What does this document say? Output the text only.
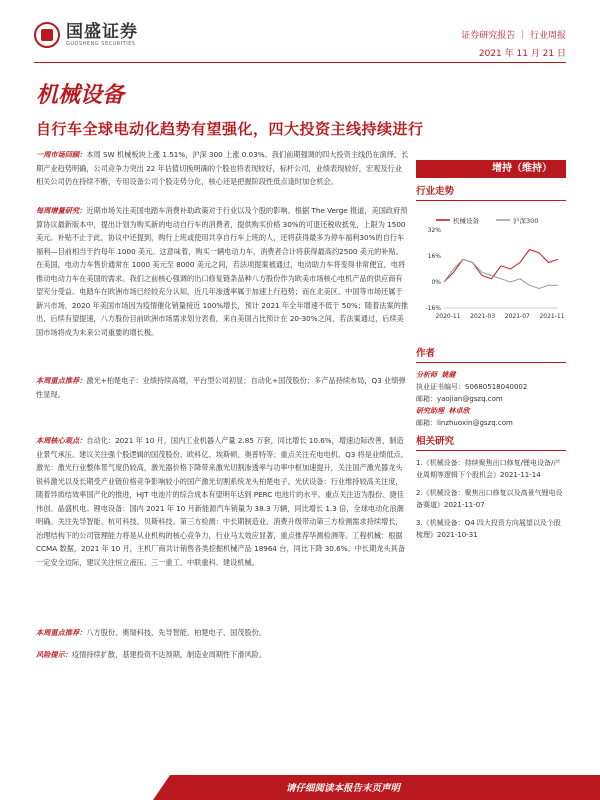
国盛证券
GUOSHENG SECURITIES
证券研究报告 ｜ 行业周报
2021 年 11 月 21 日
机械设备
自行车全球电动化趋势有望强化，四大投资主线持续进行

一周市场回顾：本周 SW 机械板块上涨 1.51%，沪深 300 上涨 0.03%。我们前期强调的四大投资主线仍在演绎，长期产业趋势明确，公司竞争力突出 22 年估值切换明确的个股也将表现较好，标杆公司，业绩表现较好，宏观及行业相关公司仍在持续不断，专用设备公司个股走势分化，核心还是把握阶段性低点逢时加仓机会。

每周增量研究：近期市场关注美国电踏车消费补助政策对于行业以及个股的影响。根据 The Verge 报道，美国政府预算协议最新版本中，提出计划为购买新的电动自行车的消费者，提供购买价格 30%的可退还税收抵免，上限为 1500 美元。补贴不止于此，协议中还提到，购行上班或使用共享自行车上班的人，还将获得最多为停车福利30%的自行车福利—目前相当于约每年 1000 美元。这意味着，购买一辆电动力车，消费者合计将获得最高约2500 美元的补贴。在美国，电动力车售价通常在 1000 美元至 8000 美元之间，若法项提案被通过，电动助力车将变得非常便宜，电将推动电动力车在美国的需求。我们之前核心强调的出口修复链条品种八方股份作为欧美市场核心电机产品的供应商有望充分受益。电踏车在欧洲市场已经较充分认知，近几年渗透率属于加速上行趋势；而在北美区、中国等市场还属于新兴市场，2020 年美国市场因为疫情催化销量接近 100%增长，预计 2021 年全年增速不低于 50%；随着法案的推出，后续有望提速，八方股份目前欧洲市场需求划分表看，来自美国占比预计在 20-30%之间，若法案通过，后续美国市场将成为未来公司重要的增长极。

本周重点推荐：激光+柏楚电子：业绩持续高增，平台型公司初显；自动化+国茂股份；多产品持续布局，Q3 业绩弹性显现。

本周核心观点：自动化：2021 年 10 月，国内工业机器人产量 2.85 万套，同比增长 10.6%，增速边际改善，制造业景气承压。建议关注强个股逻辑的国茂股份、欧科亿、埃斯顿、奥普特等；重点关注充电电机、Q3 将是业绩低点。激光：激光行业整体景气度仍较高，激光器价格下降带来激光切割渗透率与功率中枢加速提升，关注国产激光器龙头锐科激光以及长期受产业链价格竞争影响较小的国产激光切割系统龙头柏楚电子。光伏设备：行业维持较高关注度，随着异质结效率国产化的推进，HJT 电池片的综合成本有望明年达到 PERC 电池片的水平。重点关注迈为股份、捷佳伟创、晶盛机电。锂电设备：国内 2021 年 10 月新能源汽车销量为 38.3 万辆，同比增长 1.3 倍，全球电动化浪潮明确。关注先导智能、杭可科技、贝斯科技。第三方检测：中长期制造业、消费升级带动第三方检测需求持续增长，治理结构下的公司管理能力将是从业机构的核心竞争力，行业马太效应显著，重点推荐华测检测等。工程机械：根据 CCMA 数据，2021 年 10 月，主机厂商共计销售各类挖掘机械产品 18964 台，同比下降 30.6%。中长期龙头具备一定安全边际，建议关注恒立液压、三一重工、中联重科、建设机械。

本周重点推荐：八方股份、奥瑞科技、先导智能、柏楚电子、国茂股份。

风险提示：疫情持续扩散，基建投资不达预期，制造业周期性下滑风险。

增持（维持）
行业走势
机械设备	沪深300
32%
16%
0%
-16%
2020-11 2021-03 2021-07 2021-11
作者
分析师 姚健
执业证书编号：S0680518040002
邮箱：yaojian@gszq.com
研究助理 林卓欣
邮箱：linzhuoxin@gszq.com
相关研究
1.《机械设备：持续聚焦出口修复/锂电设备/产业周期等逻辑下个股机会》2021-11-14
2.《机械设备：聚焦出口修复以及高景气锂电设备赛道》2021-11-07
3.《机械设备：Q4 四大投资方向展望以及个股梳理》2021-10-31
请仔细阅读本报告末页声明
